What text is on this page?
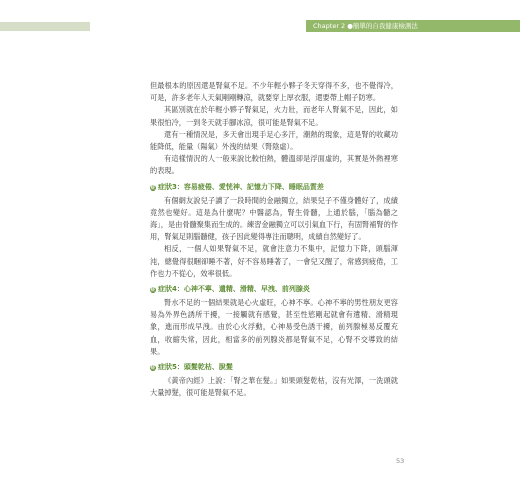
Chapter 2 ●簡單的自我健康檢測法

但最根本的原因還是腎氣不足。不少年輕小夥子冬天穿得不多，也不覺得冷，可是，許多老年人天氣剛剛轉涼，就要穿上厚衣服，還要帶上帽子防寒。

其區別就在於年輕小夥子腎氣足，火力壯，而老年人腎氣不足，因此，如果很怕冷，一到冬天就手腳冰涼，很可能是腎氣不足。

還有一種情況是，多天會出現手足心多汗，潮熱的現象，這是腎的收藏功能降低，能量（陽氣）外洩的結果（腎陰虛）。

有這樣情況的人一般來說比較怕熱，體溫卻是浮面虛的，其實是外熱裡寒的表現。

症 症狀3：容易疲倦、愛恍神、記憶力下降、睡眠品質差

有個網友說兒子讀了一段時間的金融獨立，結果兒子不僅身體好了，成績竟然也變好。這是為什麼呢？中醫認為，腎生骨髓，上通於腦，「腦為髓之海」，是由骨髓聚集而生成的。練習金融獨立可以引氣血下行，有固腎補腎的作用，腎氣足則腦髓健，孩子因此變得專注而聰明，成績自然變好了。

相反，一個人如果腎氣不足，就會注意力不集中，記憶力下降，頭腦渾沌，總覺得很睏卻睡不著，好不容易睡著了，一會兒又醒了，常感到疲倦，工作也力不從心，效率很低。

症 症狀4：心神不寧、遺精、滑精、早洩、前列腺炎

腎水不足的一個結果就是心火虛旺，心神不寧。心神不寧的男性朋友更容易為外界色誘所干擾，一接觸就有感覺，甚至性慾剛起就會有遺精、滑精現象，進而形成早洩。由於心火浮動，心神易受色誘干擾，前列腺極易反覆充血，收縮失常，因此，相當多的前列腺炎都是腎氣不足，心腎不交導致的結果。

症 症狀5：頭髮乾枯、脫髮

《黃帝內經》上說：「腎之華在髮。」如果頭髮乾枯，沒有光澤，一洗頭就大量掉髮，很可能是腎氣不足。

53
